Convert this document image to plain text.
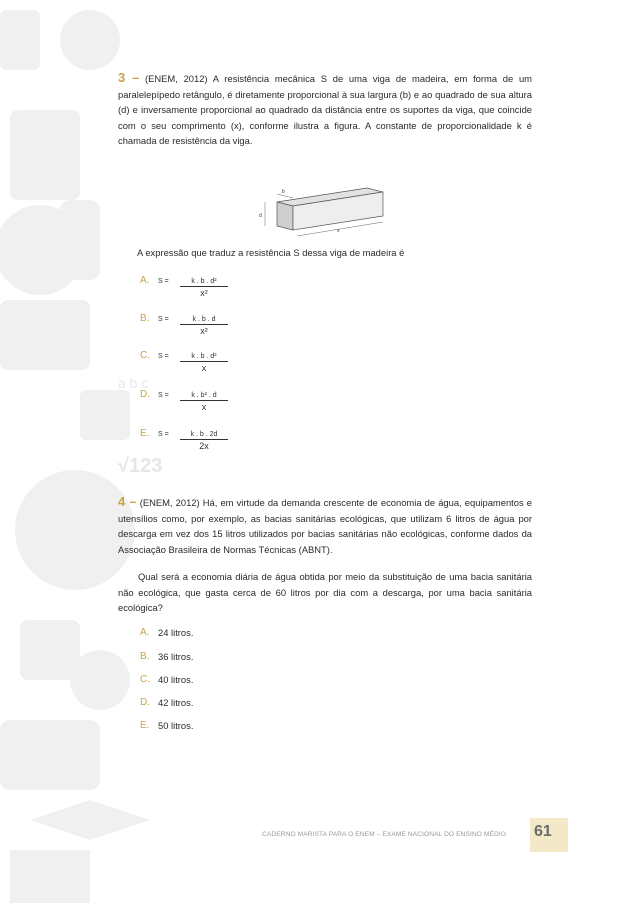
√123
a b c
3 – (ENEM, 2012) A resistência mecânica S de uma viga de madeira, em forma de um paralelepípedo retângulo, é diretamente proporcional à sua largura (b) e ao quadrado de sua altura (d) e inversamente proporcional ao quadrado da distância entre os suportes da viga, que coincide com o seu comprimento (x), conforme ilustra a figura. A constante de proporcionalidade k é chamada de resistência da viga.
d
b
x
A expressão que traduz a resistência S dessa viga de madeira é
A. S =	k . b . d²
x²
B. S =	k . b . d
x²
C. S =	k . b . d²
x
D. S =	k . b² . d
x
E. S =	k . b . 2d
2x
4 – (ENEM, 2012) Há, em virtude da demanda crescente de economia de água, equipamentos e utensílios como, por exemplo, as bacias sanitárias ecológicas, que utilizam 6 litros de água por descarga em vez dos 15 litros utilizados por bacias sanitárias não ecológicas, conforme dados da Associação Brasileira de Normas Técnicas (ABNT).
Qual será a economia diária de água obtida por meio da substituição de uma bacia sanitária não ecológica, que gasta cerca de 60 litros por dia com a descarga, por uma bacia sanitária ecológica?
A. 24 litros.
B. 36 litros.
C. 40 litros.
D. 42 litros.
E. 50 litros.
CADERNO MARISTA PARA O ENEM – EXAME NACIONAL DO ENSINO MÉDIO 61
